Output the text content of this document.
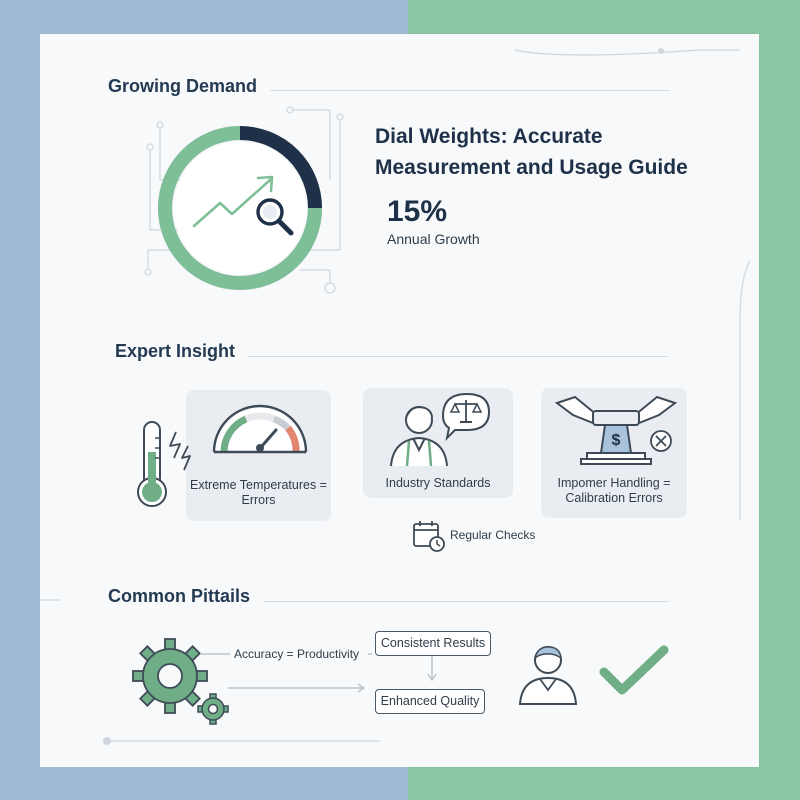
Growing Demand
Dial Weights: Accurate Measurement and Usage Guide
15%
Annual Growth
Expert Insight
Extreme Temperatures = Errors
Industry Standards
$
Impomer Handling = Calibration Errors
Regular Checks
Common Pittails
Accuracy = Productivity
Consistent Results
Enhanced Quality
